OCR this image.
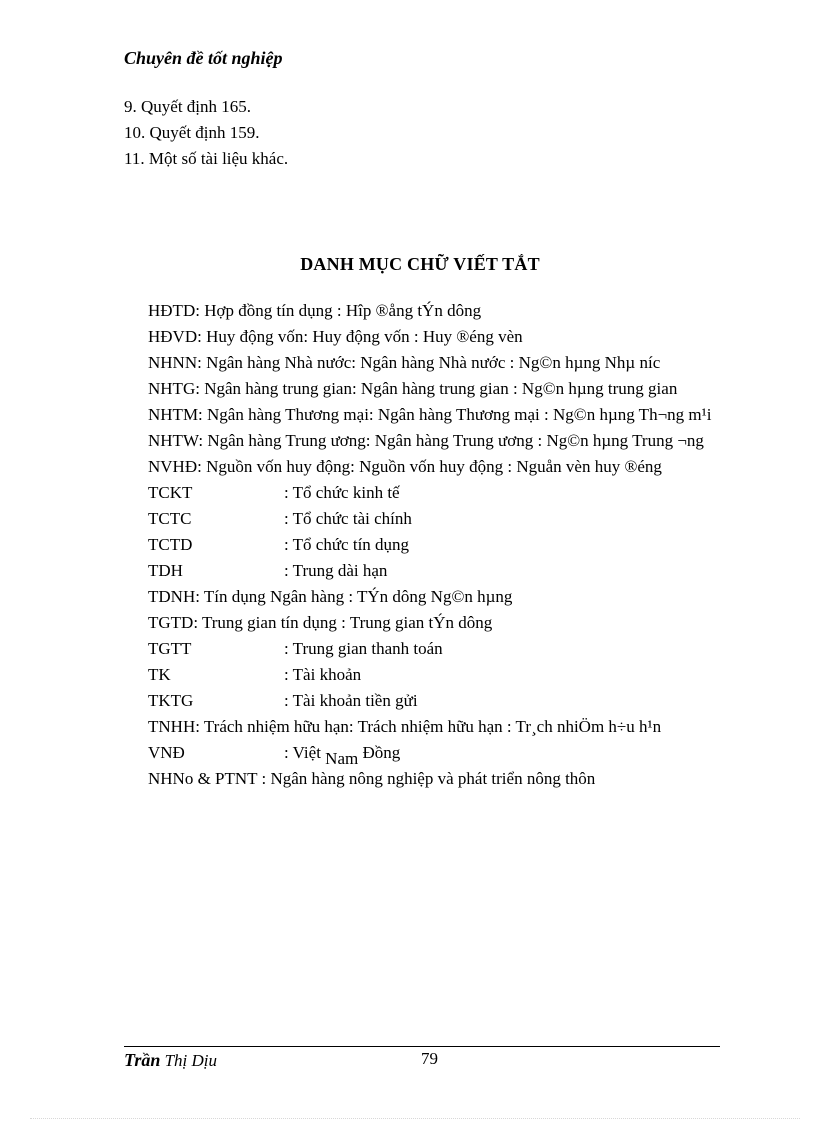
Chuyên đề tốt nghiệp
9. Quyết định 165.
10. Quyết định 159.
11. Một số tài liệu khác.
DANH MỤC CHỮ VIẾT TẮT
HĐTD: Hợp đồng tín dụng : Hîp ®ång tÝn dông
HĐVD: Huy động vốn: Huy động vốn : Huy ®éng vèn
NHNN: Ngân hàng Nhà nước: Ngân hàng Nhà nước : Ng©n hµng Nhµ níc
NHTG: Ngân hàng trung gian: Ngân hàng trung gian : Ng©n hµng trung gian
NHTM: Ngân hàng Thương mại: Ngân hàng Thương mại : Ng©n hµng Th¬ng m¹i
NHTW: Ngân hàng Trung ương: Ngân hàng Trung ương : Ng©n hµng Trung ¬ng
NVHĐ: Nguồn vốn huy động: Nguồn vốn huy động : Nguån vèn huy ®éng
TCKT	: Tổ chức kinh tế
TCTC	: Tổ chức tài chính
TCTD	: Tổ chức tín dụng
TDH	: Trung dài hạn
TDNH: Tín dụng Ngân hàng : TÝn dông Ng©n hµng
TGTD: Trung gian tín dụng : Trung gian tÝn dông
TGTT	: Trung gian thanh toán
TK	: Tài khoản
TKTG	: Tài khoản tiền gửi
TNHH: Trách nhiệm hữu hạn: Trách nhiệm hữu hạn : Tr¸ch nhiÖm h÷u h¹n
VNĐ	: Việt Nam Đồng
NHNo & PTNT : Ngân hàng nông nghiệp và phát triển nông thôn
Trần Thị Dịu	79
